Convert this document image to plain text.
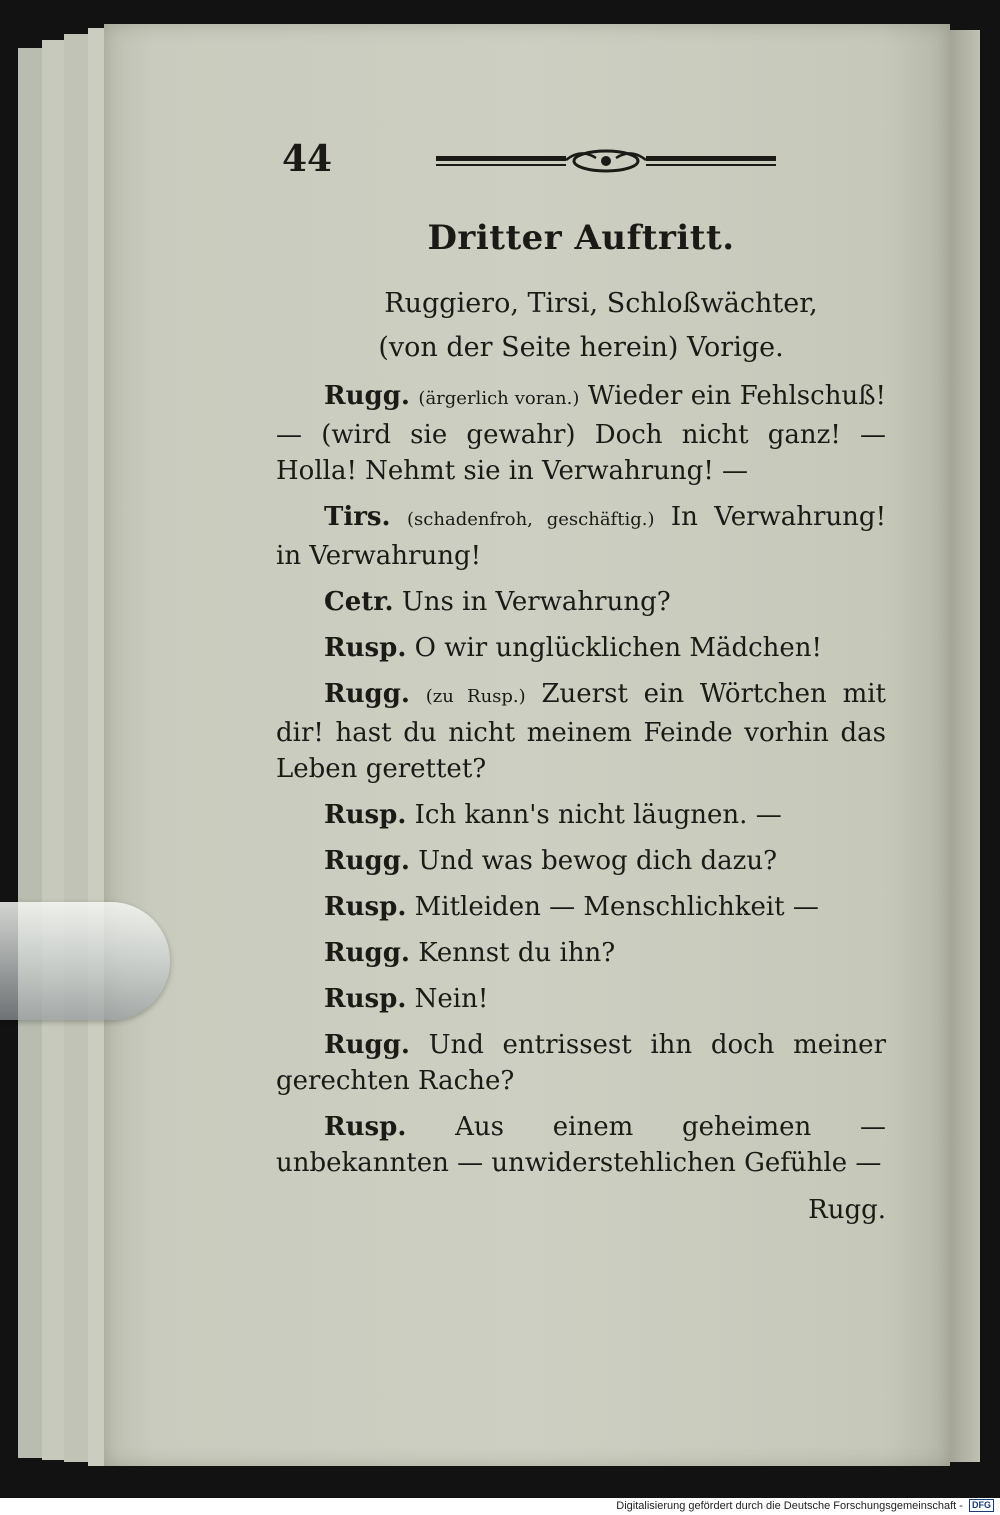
44
Dritter Auftritt.
Ruggiero, Tirsi, Schloßwächter,
(von der Seite herein) Vorige.

Rugg. (ärgerlich voran.) Wieder ein Fehlschuß! — (wird sie gewahr) Doch nicht ganz! — Holla! Nehmt sie in Verwahrung! —

Tirs. (schadenfroh, geschäftig.) In Verwahrung! in Verwahrung!

Cetr. Uns in Verwahrung?

Rusp. O wir unglücklichen Mädchen!

Rugg. (zu Rusp.) Zuerst ein Wörtchen mit dir! hast du nicht meinem Feinde vorhin das Leben gerettet?

Rusp. Ich kann's nicht läugnen. —

Rugg. Und was bewog dich dazu?

Rusp. Mitleiden — Menschlichkeit —

Rugg. Kennst du ihn?

Rusp. Nein!

Rugg. Und entrissest ihn doch meiner gerechten Rache?

Rusp. Aus einem geheimen — unbekannten — unwiderstehlichen Gefühle —

Rugg.
Digitalisierung gefördert durch die Deutsche Forschungsgemeinschaft - DFG
